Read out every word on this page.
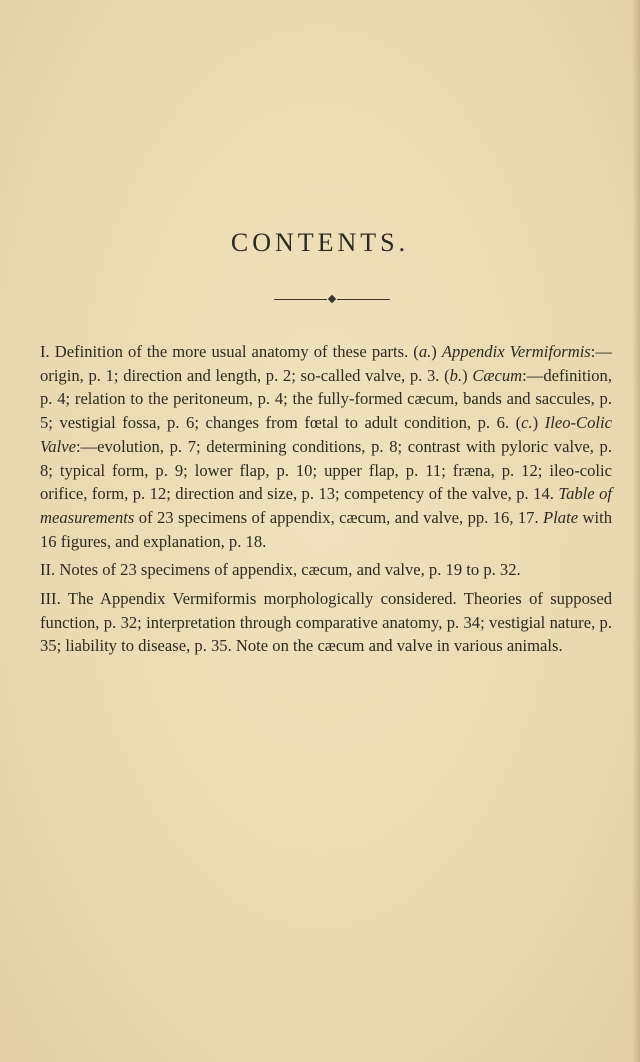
CONTENTS.

I. Definition of the more usual anatomy of these parts. (a.) Appendix Vermiformis:—origin, p. 1; direction and length, p. 2; so-called valve, p. 3. (b.) Cæcum:—definition, p. 4; relation to the peritoneum, p. 4; the fully-formed cæcum, bands and saccules, p. 5; vestigial fossa, p. 6; changes from fœtal to adult condition, p. 6. (c.) Ileo-Colic Valve:—evolution, p. 7; determining conditions, p. 8; contrast with pyloric valve, p. 8; typical form, p. 9; lower flap, p. 10; upper flap, p. 11; fræna, p. 12; ileo-colic orifice, form, p. 12; direction and size, p. 13; competency of the valve, p. 14. Table of measurements of 23 specimens of appendix, cæcum, and valve, pp. 16, 17. Plate with 16 figures, and explanation, p. 18.

II. Notes of 23 specimens of appendix, cæcum, and valve, p. 19 to p. 32.

III. The Appendix Vermiformis morphologically considered. Theories of supposed function, p. 32; interpretation through comparative anatomy, p. 34; vestigial nature, p. 35; liability to disease, p. 35. Note on the cæcum and valve in various animals.
